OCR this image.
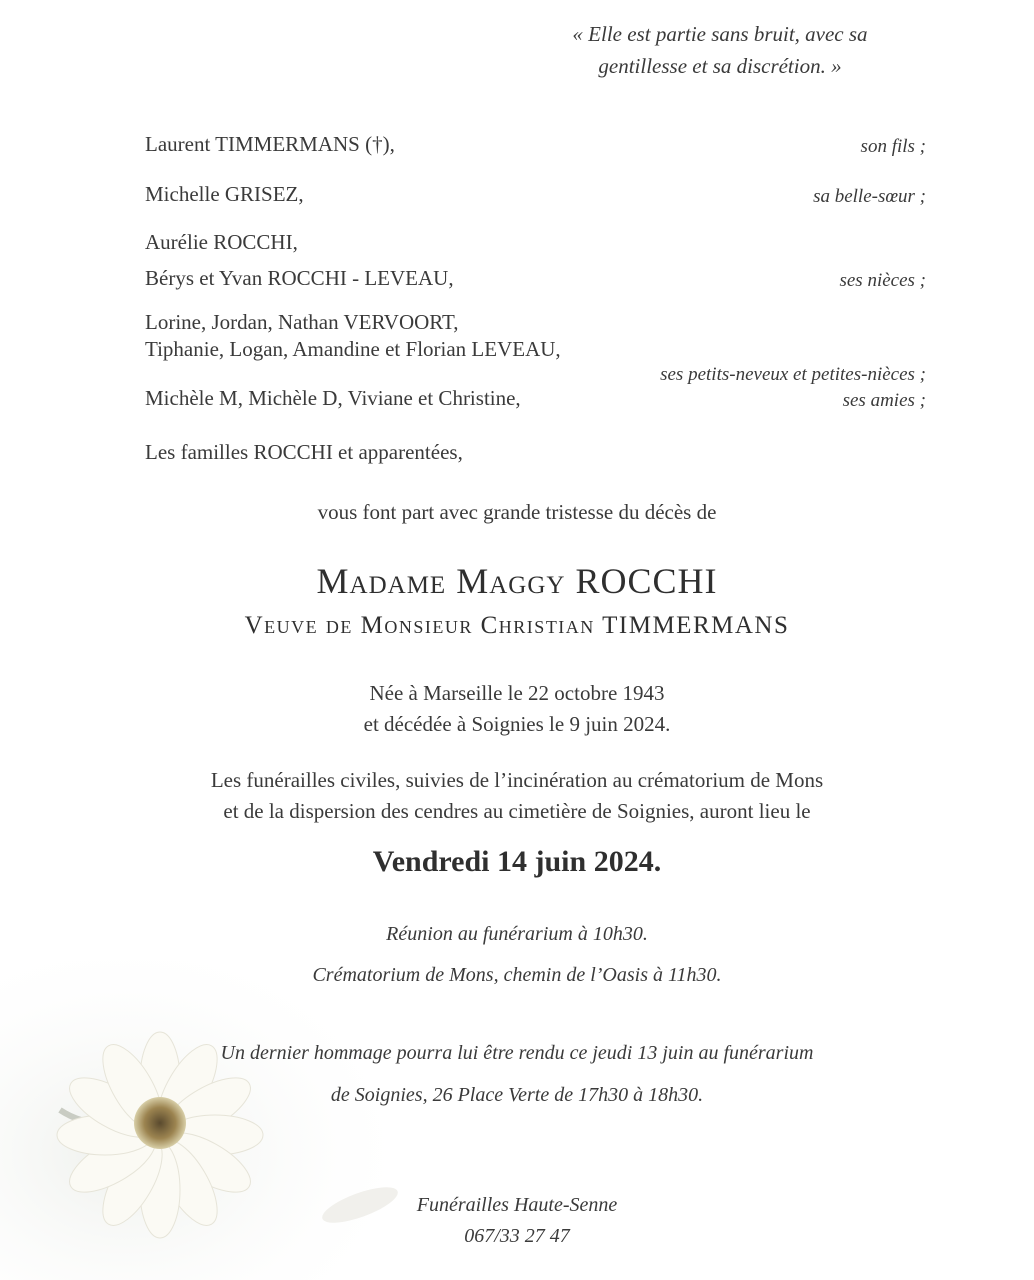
« Elle est partie sans bruit, avec sa
gentillesse et sa discrétion. »
Laurent TIMMERMANS (†),	son fils ;
Michelle GRISEZ,	sa belle-sœur ;
Aurélie ROCCHI,
Bérys et Yvan ROCCHI - LEVEAU,	ses nièces ;
Lorine, Jordan, Nathan VERVOORT,
Tiphanie, Logan, Amandine et Florian LEVEAU,
ses petits-neveux et petites-nièces ;
Michèle M, Michèle D, Viviane et Christine,	ses amies ;
Les familles ROCCHI et apparentées,
vous font part avec grande tristesse du décès de
Madame Maggy ROCCHI
Veuve de Monsieur Christian TIMMERMANS
Née à Marseille le 22 octobre 1943
et décédée à Soignies le 9 juin 2024.
Les funérailles civiles, suivies de l’incinération au crématorium de Mons
et de la dispersion des cendres au cimetière de Soignies, auront lieu le
Vendredi 14 juin 2024.
Réunion au funérarium à 10h30.
Crématorium de Mons, chemin de l’Oasis à 11h30.
Un dernier hommage pourra lui être rendu ce jeudi 13 juin au funérarium
de Soignies, 26 Place Verte de 17h30 à 18h30.
Funérailles Haute-Senne
067/33 27 47
